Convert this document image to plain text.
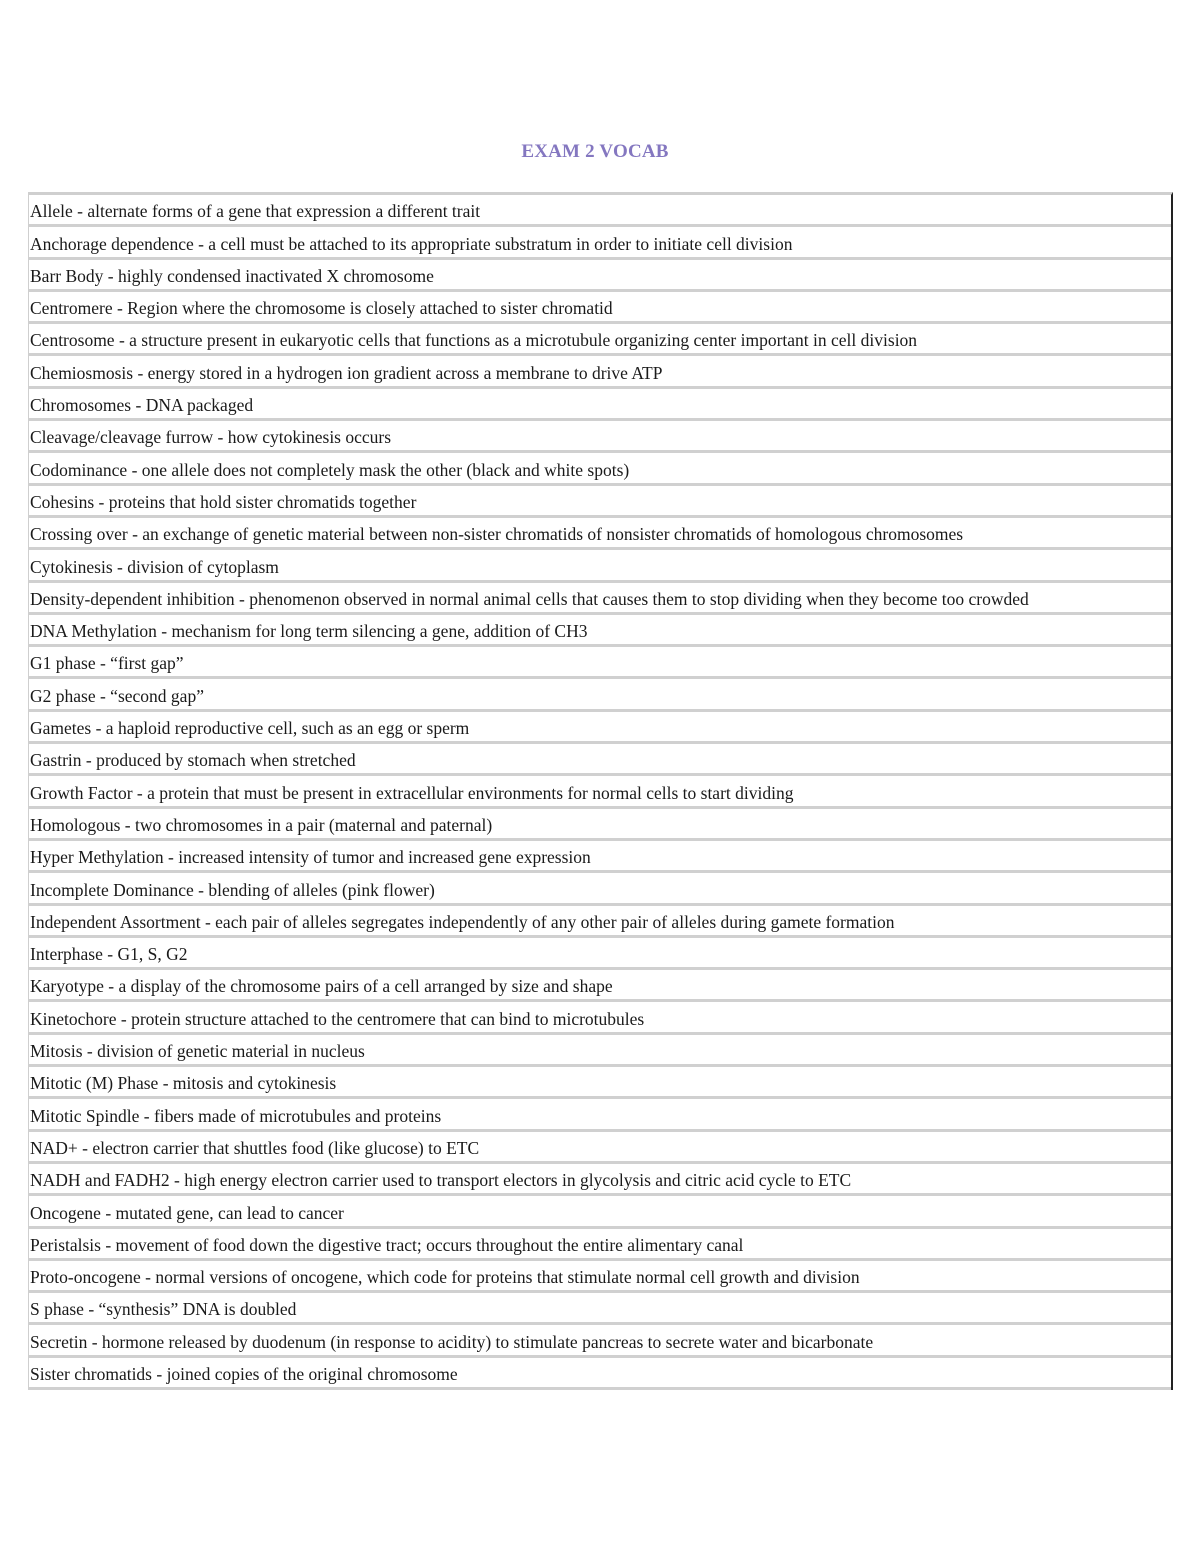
EXAM 2 VOCAB
Allele - alternate forms of a gene that expression a different trait
Anchorage dependence - a cell must be attached to its appropriate substratum in order to initiate cell division
Barr Body - highly condensed inactivated X chromosome
Centromere - Region where the chromosome is closely attached to sister chromatid
Centrosome - a structure present in eukaryotic cells that functions as a microtubule organizing center important in cell division
Chemiosmosis - energy stored in a hydrogen ion gradient across a membrane to drive ATP
Chromosomes - DNA packaged
Cleavage/cleavage furrow - how cytokinesis occurs
Codominance - one allele does not completely mask the other (black and white spots)
Cohesins - proteins that hold sister chromatids together
Crossing over - an exchange of genetic material between non-sister chromatids of nonsister chromatids of homologous chromosomes
Cytokinesis - division of cytoplasm
Density-dependent inhibition - phenomenon observed in normal animal cells that causes them to stop dividing when they become too crowded
DNA Methylation - mechanism for long term silencing a gene, addition of CH3
G1 phase - “first gap”
G2 phase - “second gap”
Gametes - a haploid reproductive cell, such as an egg or sperm
Gastrin - produced by stomach when stretched
Growth Factor - a protein that must be present in extracellular environments for normal cells to start dividing
Homologous - two chromosomes in a pair (maternal and paternal)
Hyper Methylation - increased intensity of tumor and increased gene expression
Incomplete Dominance - blending of alleles (pink flower)
Independent Assortment - each pair of alleles segregates independently of any other pair of alleles during gamete formation
Interphase - G1, S, G2
Karyotype - a display of the chromosome pairs of a cell arranged by size and shape
Kinetochore - protein structure attached to the centromere that can bind to microtubules
Mitosis - division of genetic material in nucleus
Mitotic (M) Phase - mitosis and cytokinesis
Mitotic Spindle - fibers made of microtubules and proteins
NAD+ - electron carrier that shuttles food (like glucose) to ETC
NADH and FADH2 - high energy electron carrier used to transport electors in glycolysis and citric acid cycle to ETC
Oncogene - mutated gene, can lead to cancer
Peristalsis - movement of food down the digestive tract; occurs throughout the entire alimentary canal
Proto-oncogene - normal versions of oncogene, which code for proteins that stimulate normal cell growth and division
S phase - “synthesis” DNA is doubled
Secretin - hormone released by duodenum (in response to acidity) to stimulate pancreas to secrete water and bicarbonate
Sister chromatids - joined copies of the original chromosome
